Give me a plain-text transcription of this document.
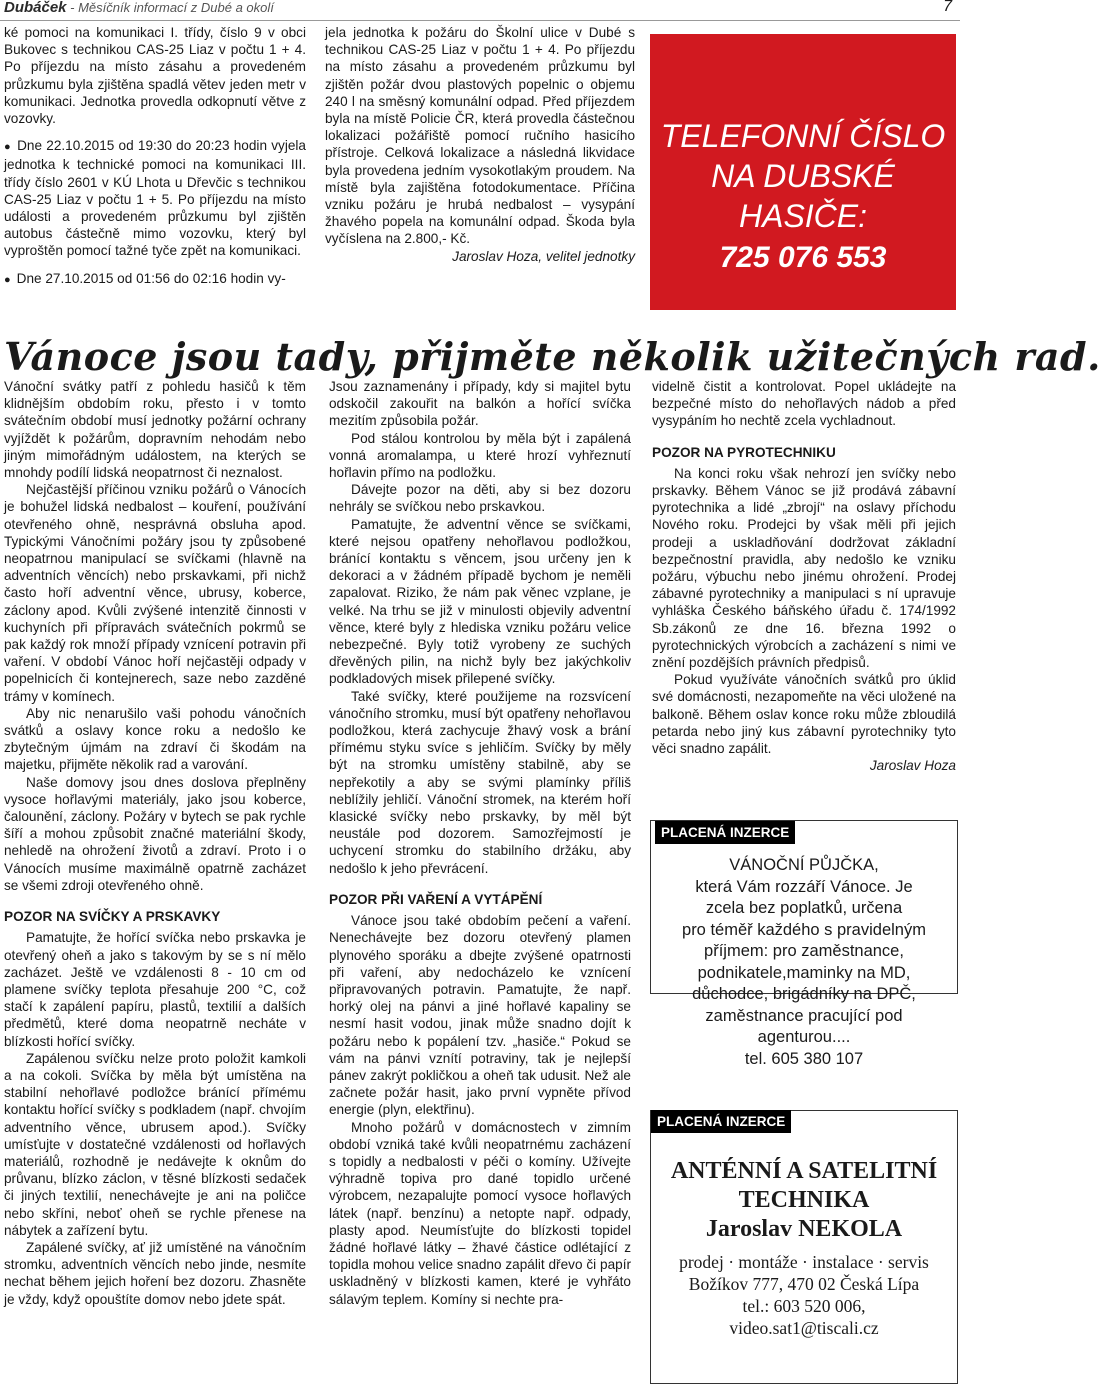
Dubáček - Měsíčník informací z Dubé a okolí	7

ké pomoci na komunikaci I. třídy, číslo 9 v obci Bukovec s technikou CAS-25 Liaz v počtu 1 + 4. Po příjezdu na místo zásahu a provedeném průzkumu byla zjištěna spadlá větev jeden metr v komunikaci. Jednotka provedla odkopnutí větve z vozovky.

● Dne 22.10.2015 od 19:30 do 20:23 hodin vyjela jednotka k technické pomoci na komunikaci III. třídy číslo 2601 v KÚ Lhota u Dřevčic s technikou CAS-25 Liaz v počtu 1 + 5. Po příjezdu na místo události a provedeném průzkumu byl zjištěn autobus částečně mimo vozovku, který byl vyproštěn pomocí tažné tyče zpět na komunikaci.

● Dne 27.10.2015 od 01:56 do 02:16 hodin vy-

jela jednotka k požáru do Školní ulice v Dubé s technikou CAS-25 Liaz v počtu 1 + 4. Po příjezdu na místo zásahu a provedeném průzkumu byl zjištěn požár dvou plastových popelnic o objemu 240 l na směsný komunální odpad. Před příjezdem byla na místě Policie ČR, která provedla částečnou lokalizaci požářiště pomocí ručního hasicího přístroje. Celková lokalizace a následná likvidace byla provedena jedním vysokotlakým proudem. Na místě byla zajištěna fotodokumentace. Příčina vzniku požáru je hrubá nedbalost – vysypání žhavého popela na komunální odpad. Škoda byla vyčíslena na 2.800,- Kč.

Jaroslav Hoza, velitel jednotky

TELEFONNÍ ČÍSLO
NA DUBSKÉ HASIČE:
725 076 553
Vánoce jsou tady, přijměte několik užitečných rad.

Vánoční svátky patří z pohledu hasičů k těm klidnějším obdobím roku, přesto i v tomto svátečním období musí jednotky požární ochrany vyjíždět k požárům, dopravním nehodám nebo jiným mimořádným událostem, na kterých se mnohdy podílí lidská neopatrnost či neznalost.

Nejčastější příčinou vzniku požárů o Vánocích je bohužel lidská nedbalost – kouření, používání otevřeného ohně, nesprávná obsluha apod. Typickými Vánočními požáry jsou ty způsobené neopatrnou manipulací se svíčkami (hlavně na adventních věncích) nebo prskavkami, při nichž často hoří adventní věnce, ubrusy, koberce, záclony apod. Kvůli zvýšené intenzitě činnosti v kuchyních při přípravách svátečních pokrmů se pak každý rok množí případy vznícení potravin při vaření. V období Vánoc hoří nejčastěji odpady v popelnicích či kontejnerech, saze nebo zazděné trámy v komínech.

Aby nic nenarušilo vaši pohodu vánočních svátků a oslavy konce roku a nedošlo ke zbytečným újmám na zdraví či škodám na majetku, přijměte několik rad a varování.

Naše domovy jsou dnes doslova přeplněny vysoce hořlavými materiály, jako jsou koberce, čalounění, záclony. Požáry v bytech se pak rychle šíří a mohou způsobit značné materiální škody, nehledě na ohrožení životů a zdraví. Proto i o Vánocích musíme maximálně opatrně zacházet se všemi zdroji otevřeného ohně.

POZOR NA SVÍČKY A PRSKAVKY

Pamatujte, že hořící svíčka nebo prskavka je otevřený oheň a jako s takovým by se s ní mělo zacházet. Ještě ve vzdálenosti 8 - 10 cm od plamene svíčky teplota přesahuje 200 °C, což stačí k zapálení papíru, plastů, textilií a dalších předmětů, které doma neopatrně necháte v blízkosti hořící svíčky.

Zapálenou svíčku nelze proto položit kamkoli a na cokoli. Svíčka by měla být umístěna na stabilní nehořlavé podložce bránící přímému kontaktu hořící svíčky s podkladem (např. chvojím adventního věnce, ubrusem apod.). Svíčky umísťujte v dostatečné vzdálenosti od hořlavých materiálů, rozhodně je nedávejte k oknům do průvanu, blízko záclon, v těsné blízkosti sedaček či jiných textilií, nenechávejte je ani na poličce nebo skříni, neboť oheň se rychle přenese na nábytek a zařízení bytu.

Zapálené svíčky, ať již umístěné na vánočním stromku, adventních věncích nebo jinde, nesmíte nechat během jejich hoření bez dozoru. Zhasněte je vždy, když opouštíte domov nebo jdete spát.

Jsou zaznamenány i případy, kdy si majitel bytu odskočil zakouřit na balkón a hořící svíčka mezitím způsobila požár.

Pod stálou kontrolou by měla být i zapálená vonná aromalampa, u které hrozí vyhřeznutí hořlavin přímo na podložku.

Dávejte pozor na děti, aby si bez dozoru nehrály se svíčkou nebo prskavkou.

Pamatujte, že adventní věnce se svíčkami, které nejsou opatřeny nehořlavou podložkou, bránící kontaktu s věncem, jsou určeny jen k dekoraci a v žádném případě bychom je neměli zapalovat. Riziko, že nám pak věnec vzplane, je velké. Na trhu se již v minulosti objevily adventní věnce, které byly z hlediska vzniku požáru velice nebezpečné. Byly totiž vyrobeny ze suchých dřevěných pilin, na nichž byly bez jakýchkoliv podkladových misek přilepené svíčky.

Také svíčky, které použijeme na rozsvícení vánočního stromku, musí být opatřeny nehořlavou podložkou, která zachycuje žhavý vosk a brání přímému styku svíce s jehličím. Svíčky by měly být na stromku umístěny stabilně, aby se nepřekotily a aby se svými plamínky příliš neblížily jehličí. Vánoční stromek, na kterém hoří klasické svíčky nebo prskavky, by měl být neustále pod dozorem. Samozřejmostí je uchycení stromku do stabilního držáku, aby nedošlo k jeho převrácení.

POZOR PŘI VAŘENÍ A VYTÁPĚNÍ

Vánoce jsou také obdobím pečení a vaření. Nenechávejte bez dozoru otevřený plamen plynového sporáku a dbejte zvýšené opatrnosti při vaření, aby nedocházelo ke vznícení připravovaných potravin. Pamatujte, že např. horký olej na pánvi a jiné hořlavé kapaliny se nesmí hasit vodou, jinak může snadno dojít k požáru nebo k popálení tzv. „hasiče.“ Pokud se vám na pánvi vznítí potraviny, tak je nejlepší pánev zakrýt pokličkou a oheň tak udusit. Než ale začnete požár hasit, jako první vypněte přívod energie (plyn, elektřinu).

Mnoho požárů v domácnostech v zimním období vzniká také kvůli neopatrnému zacházení s topidly a nedbalosti v péči o komíny. Užívejte výhradně topiva pro dané topidlo určené výrobcem, nezapalujte pomocí vysoce hořlavých látek (např. benzínu) a netopte např. odpady, plasty apod. Neumísťujte do blízkosti topidel žádné hořlavé látky – žhavé částice odlétající z topidla mohou velice snadno zapálit dřevo či papír uskladněný v blízkosti kamen, které je vyhřáto sálavým teplem. Komíny si nechte pra-

videlně čistit a kontrolovat. Popel ukládejte na bezpečné místo do nehořlavých nádob a před vysypáním ho nechtě zcela vychladnout.

POZOR NA PYROTECHNIKU

Na konci roku však nehrozí jen svíčky nebo prskavky. Během Vánoc se již prodává zábavní pyrotechnika a lidé „zbrojí“ na oslavy příchodu Nového roku. Prodejci by však měli při jejich prodeji a uskladňování dodržovat základní bezpečnostní pravidla, aby nedošlo ke vzniku požáru, výbuchu nebo jinému ohrožení. Prodej zábavné pyrotechniky a manipulaci s ní upravuje vyhláška Českého báňského úřadu č. 174/1992 Sb.zákonů ze dne 16. března 1992 o pyrotechnických výrobcích a zacházení s nimi ve znění pozdějších právních předpisů.

Pokud využíváte vánočních svátků pro úklid své domácnosti, nezapomeňte na věci uložené na balkoně. Během oslav konce roku může zbloudilá petarda nebo jiný kus zábavní pyrotechniky tyto věci snadno zapálit.

Jaroslav Hoza

PLACENÁ INZERCE
VÁNOČNÍ PŮJČKA,
která Vám rozzáří Vánoce. Je
zcela bez poplatků, určena
pro téměř každého s pravidelným
příjmem: pro zaměstnance,
podnikatele,maminky na MD,
důchodce, brigádníky na DPČ,
zaměstnance pracující pod
agenturou....
tel. 605 380 107
PLACENÁ INZERCE
ANTÉNNÍ A SATELITNÍ
TECHNIKA
Jaroslav NEKOLA
prodej · montáže · instalace · servis
Božíkov 777, 470 02 Česká Lípa
tel.: 603 520 006,
video.sat1@tiscali.cz
